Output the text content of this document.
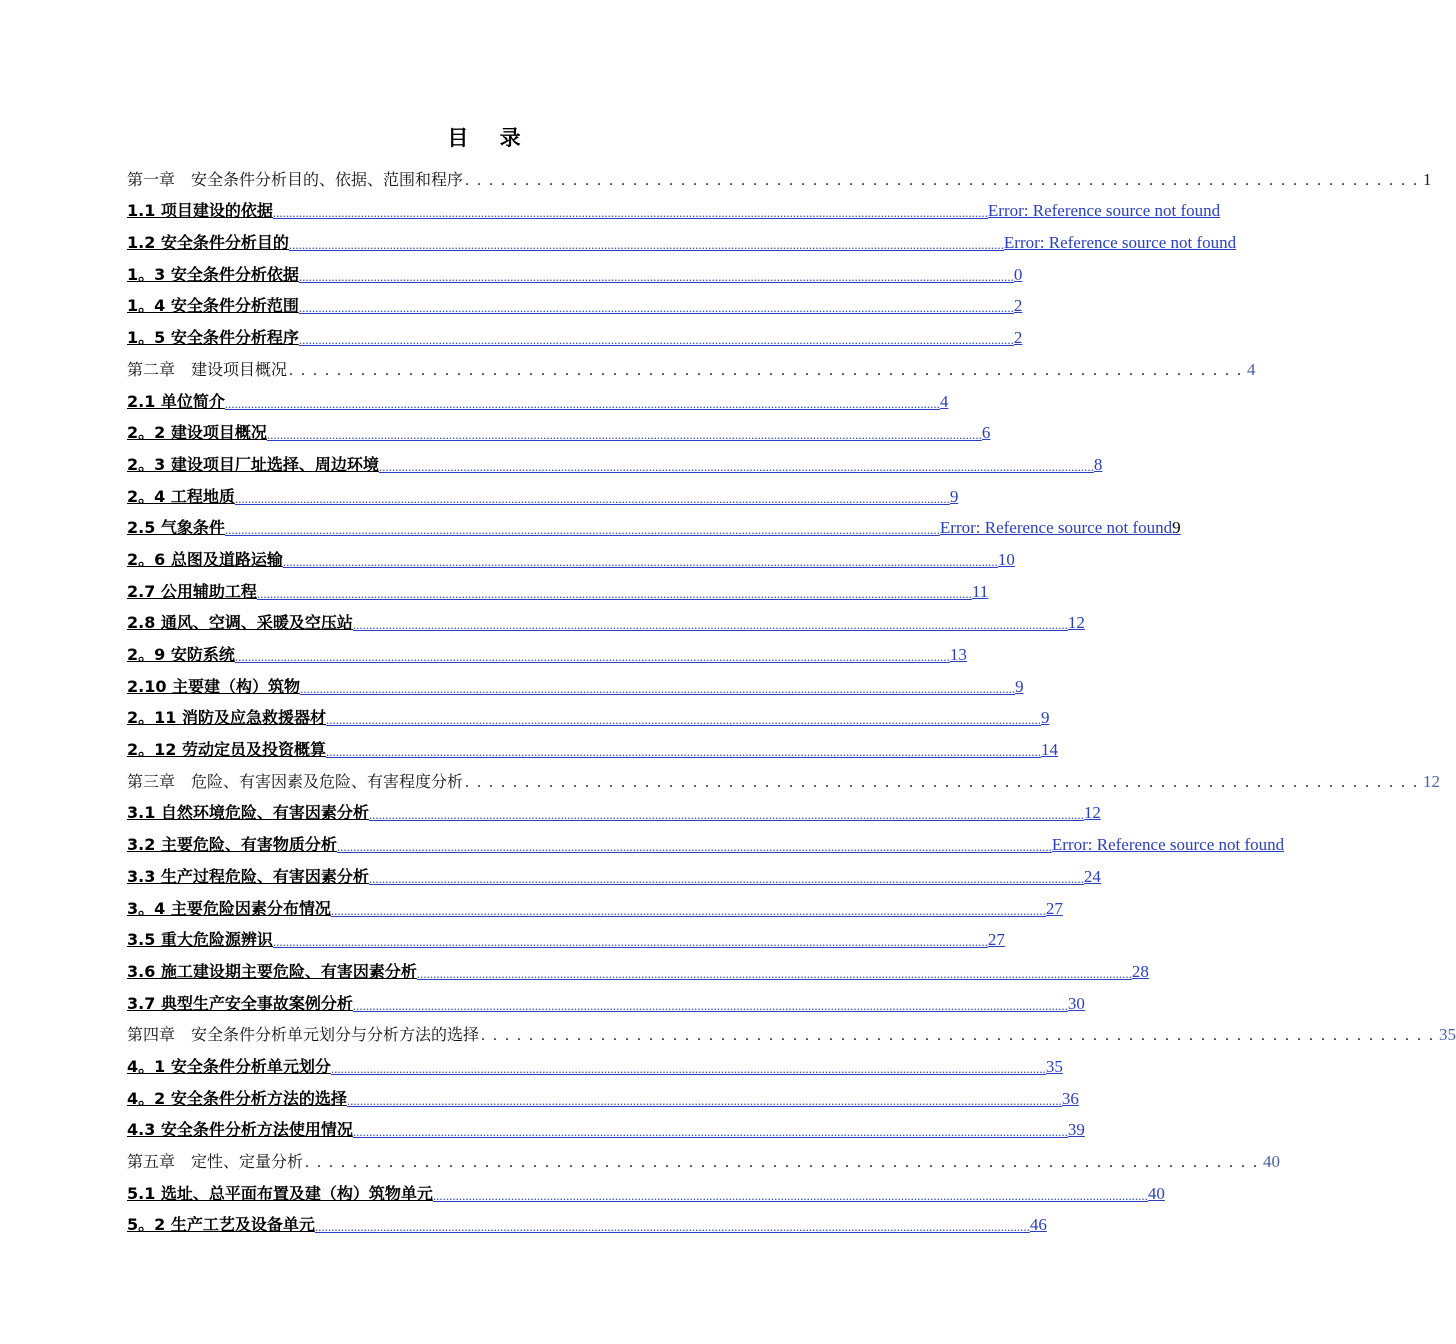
目 录
第一章　安全条件分析目的、依据、范围和程序 . . . . . . . . . . . . . . . . . . . . . . . . . . . . . . . . . . . . . . . . . . . . . . . . . . . . . . . . . . . . . . . . . . . . . . . . . . . . . . . . 1
1.1 项目建设的依据 ............................................................................................................................................................................................................................ Error: Reference source not found
1.2 安全条件分析目的 ............................................................................................................................................................................................................................ Error: Reference source not found
1。3 安全条件分析依据 ............................................................................................................................................................................................................................ 0
1。4 安全条件分析范围 ............................................................................................................................................................................................................................ 2
1。5 安全条件分析程序 ............................................................................................................................................................................................................................ 2
第二章　建设项目概况 . . . . . . . . . . . . . . . . . . . . . . . . . . . . . . . . . . . . . . . . . . . . . . . . . . . . . . . . . . . . . . . . . . . . . . . . . . . . . . . . 4
2.1 单位简介 ............................................................................................................................................................................................................................ 4
2。2 建设项目概况 ............................................................................................................................................................................................................................ 6
2。3 建设项目厂址选择、周边环境 ............................................................................................................................................................................................................................ 8
2。4 工程地质 ............................................................................................................................................................................................................................ 9
2.5 气象条件 ............................................................................................................................................................................................................................ Error: Reference source not found9
2。6 总图及道路运输 ............................................................................................................................................................................................................................ 10
2.7 公用辅助工程 ............................................................................................................................................................................................................................ 11
2.8 通风、空调、采暖及空压站 ............................................................................................................................................................................................................................ 12
2。9 安防系统 ............................................................................................................................................................................................................................ 13
2.10 主要建（构）筑物 ............................................................................................................................................................................................................................ 9
2。11 消防及应急救援器材 ............................................................................................................................................................................................................................ 9
2。12 劳动定员及投资概算 ............................................................................................................................................................................................................................ 14
第三章　危险、有害因素及危险、有害程度分析 . . . . . . . . . . . . . . . . . . . . . . . . . . . . . . . . . . . . . . . . . . . . . . . . . . . . . . . . . . . . . . . . . . . . . . . . . . . . . . . . 12
3.1 自然环境危险、有害因素分析 ............................................................................................................................................................................................................................ 12
3.2 主要危险、有害物质分析 ............................................................................................................................................................................................................................ Error: Reference source not found
3.3 生产过程危险、有害因素分析 ............................................................................................................................................................................................................................ 24
3。4 主要危险因素分布情况 ............................................................................................................................................................................................................................ 27
3.5 重大危险源辨识 ............................................................................................................................................................................................................................ 27
3.6 施工建设期主要危险、有害因素分析 ............................................................................................................................................................................................................................ 28
3.7 典型生产安全事故案例分析 ............................................................................................................................................................................................................................ 30
第四章　安全条件分析单元划分与分析方法的选择 . . . . . . . . . . . . . . . . . . . . . . . . . . . . . . . . . . . . . . . . . . . . . . . . . . . . . . . . . . . . . . . . . . . . . . . . . . . . . . . . 35
4。1 安全条件分析单元划分 ............................................................................................................................................................................................................................ 35
4。2 安全条件分析方法的选择 ............................................................................................................................................................................................................................ 36
4.3 安全条件分析方法使用情况 ............................................................................................................................................................................................................................ 39
第五章　定性、定量分析 . . . . . . . . . . . . . . . . . . . . . . . . . . . . . . . . . . . . . . . . . . . . . . . . . . . . . . . . . . . . . . . . . . . . . . . . . . . . . . . . 40
5.1 选址、总平面布置及建（构）筑物单元 ............................................................................................................................................................................................................................ 40
5。2 生产工艺及设备单元 ............................................................................................................................................................................................................................ 46
